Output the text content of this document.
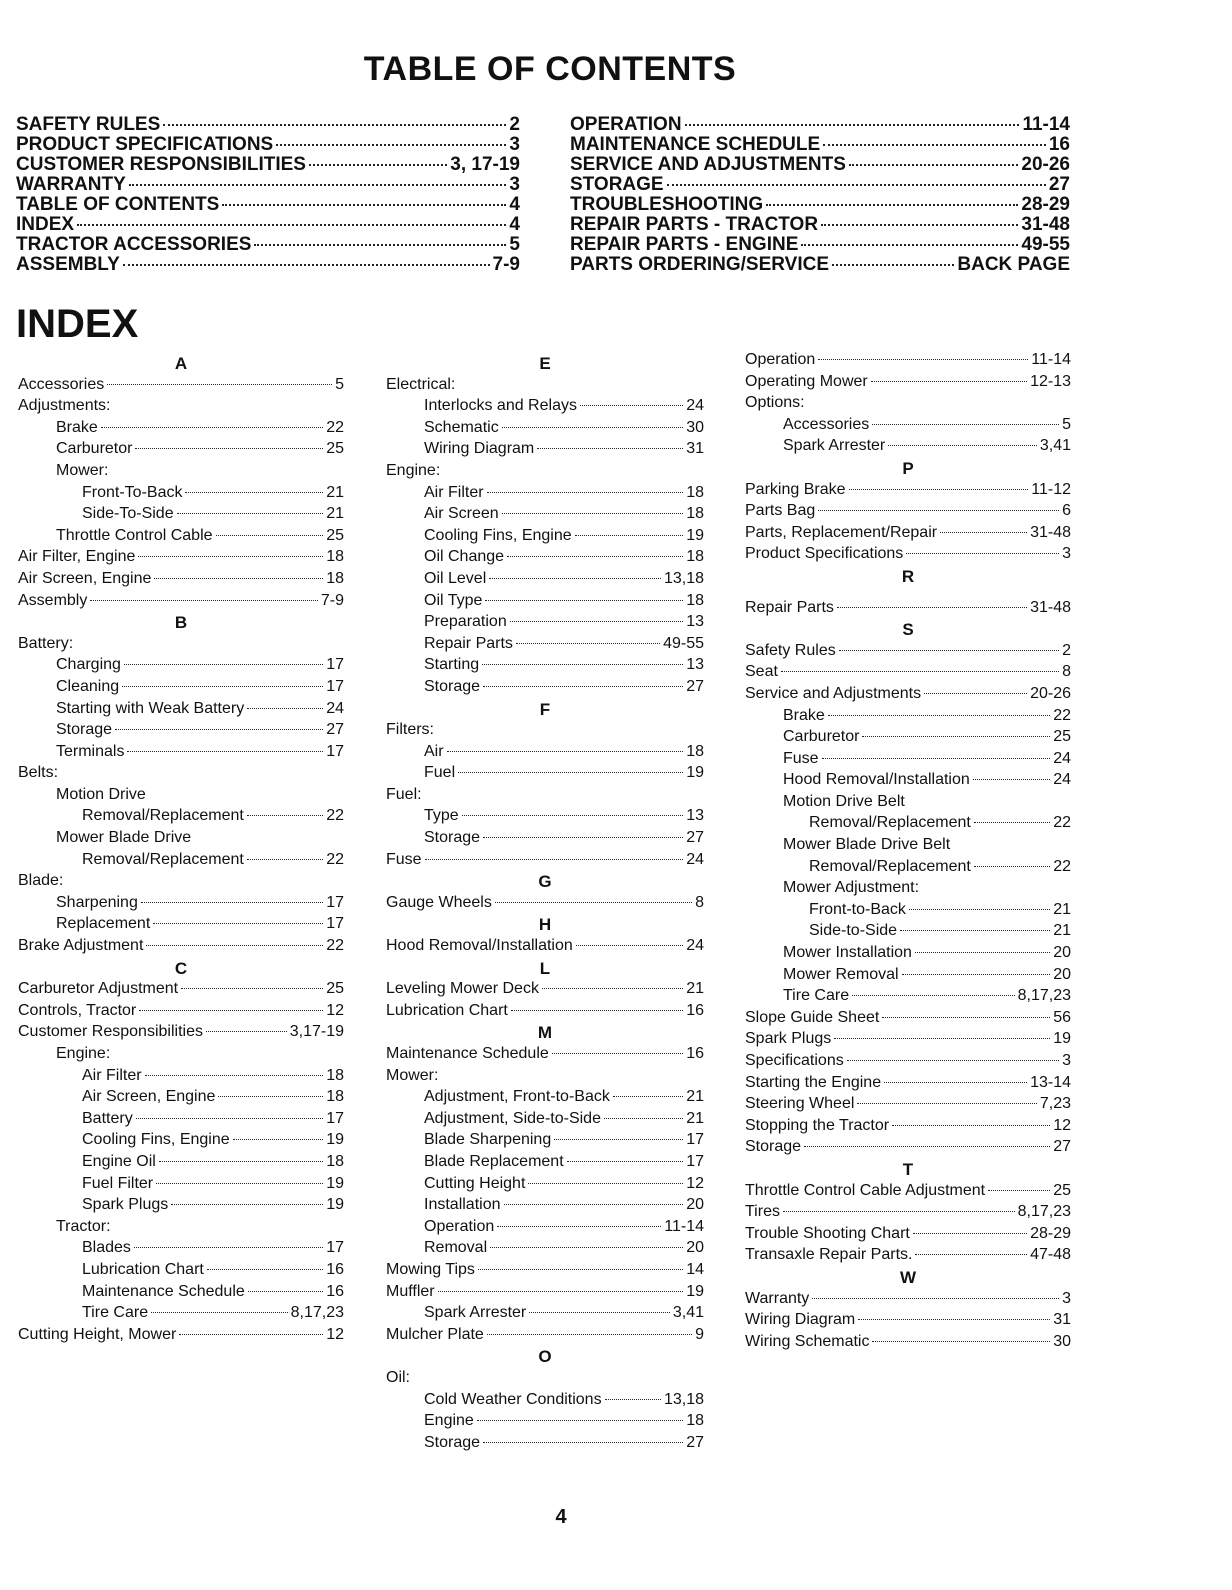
TABLE OF CONTENTS
SAFETY RULES	2
PRODUCT SPECIFICATIONS	3
CUSTOMER RESPONSIBILITIES	3, 17-19
WARRANTY	3
TABLE OF CONTENTS	4
INDEX	4
TRACTOR ACCESSORIES	5
ASSEMBLY	7-9
OPERATION	11-14
MAINTENANCE SCHEDULE	16
SERVICE AND ADJUSTMENTS	20-26
STORAGE	27
TROUBLESHOOTING	28-29
REPAIR PARTS - TRACTOR	31-48
REPAIR PARTS - ENGINE	49-55
PARTS ORDERING/SERVICE	BACK PAGE
INDEX
A
Accessories	5
Adjustments:
Brake	22
Carburetor	25
Mower:
Front-To-Back	21
Side-To-Side	21
Throttle Control Cable	25
Air Filter, Engine	18
Air Screen, Engine	18
Assembly	7-9
B
Battery:
Charging	17
Cleaning	17
Starting with Weak Battery	24
Storage	27
Terminals	17
Belts:
Motion Drive
Removal/Replacement	22
Mower Blade Drive
Removal/Replacement	22
Blade:
Sharpening	17
Replacement	17
Brake Adjustment	22
C
Carburetor Adjustment	25
Controls, Tractor	12
Customer Responsibilities	3,17-19
Engine:
Air Filter	18
Air Screen, Engine	18
Battery	17
Cooling Fins, Engine	19
Engine Oil	18
Fuel Filter	19
Spark Plugs	19
Tractor:
Blades	17
Lubrication Chart	16
Maintenance Schedule	16
Tire Care	8,17,23
Cutting Height, Mower	12
E
Electrical:
Interlocks and Relays	24
Schematic	30
Wiring Diagram	31
Engine:
Air Filter	18
Air Screen	18
Cooling Fins, Engine	19
Oil Change	18
Oil Level	13,18
Oil Type	18
Preparation	13
Repair Parts	49-55
Starting	13
Storage	27
F
Filters:
Air	18
Fuel	19
Fuel:
Type	13
Storage	27
Fuse	24
G
Gauge Wheels	8
H
Hood Removal/Installation	24
L
Leveling Mower Deck	21
Lubrication Chart	16
M
Maintenance Schedule	16
Mower:
Adjustment, Front-to-Back	21
Adjustment, Side-to-Side	21
Blade Sharpening	17
Blade Replacement	17
Cutting Height	12
Installation	20
Operation	11-14
Removal	20
Mowing Tips	14
Muffler	19
Spark Arrester	3,41
Mulcher Plate	9
O
Oil:
Cold Weather Conditions	13,18
Engine	18
Storage	27
Operation	11-14
Operating Mower	12-13
Options:
Accessories	5
Spark Arrester	3,41
P
Parking Brake	11-12
Parts Bag	6
Parts, Replacement/Repair	31-48
Product Specifications	3
R
Repair Parts	31-48
S
Safety Rules	2
Seat	8
Service and Adjustments	20-26
Brake	22
Carburetor	25
Fuse	24
Hood Removal/Installation	24
Motion Drive Belt
Removal/Replacement	22
Mower Blade Drive Belt
Removal/Replacement	22
Mower Adjustment:
Front-to-Back	21
Side-to-Side	21
Mower Installation	20
Mower Removal	20
Tire Care	8,17,23
Slope Guide Sheet	56
Spark Plugs	19
Specifications	3
Starting the Engine	13-14
Steering Wheel	7,23
Stopping the Tractor	12
Storage	27
T
Throttle Control Cable Adjustment	25
Tires	8,17,23
Trouble Shooting Chart	28-29
Transaxle Repair Parts.	47-48
W
Warranty	3
Wiring Diagram	31
Wiring Schematic	30
4
